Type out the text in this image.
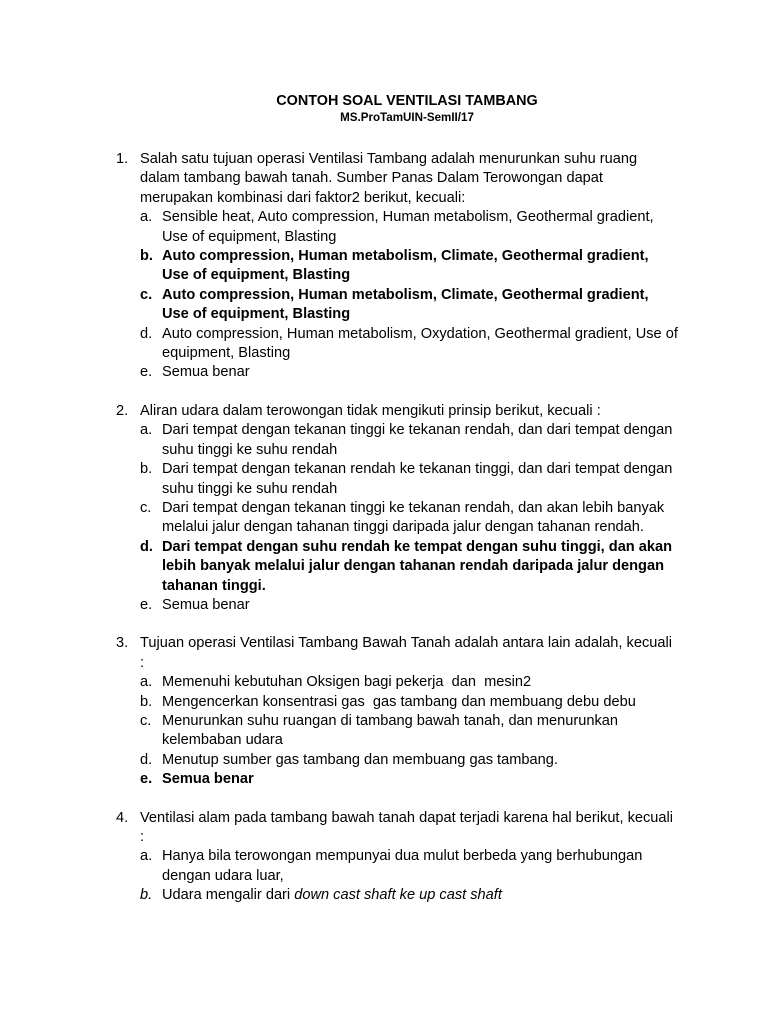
CONTOH SOAL VENTILASI TAMBANG
MS.ProTamUIN-SemII/17
1. Salah satu tujuan operasi Ventilasi Tambang adalah menurunkan suhu ruang dalam tambang bawah tanah. Sumber Panas Dalam Terowongan dapat merupakan kombinasi dari faktor2 berikut, kecuali:
a. Sensible heat, Auto compression, Human metabolism, Geothermal gradient, Use of equipment, Blasting
b. Auto compression, Human metabolism, Climate, Geothermal gradient, Use of equipment, Blasting
c. Auto compression, Human metabolism, Climate, Geothermal gradient, Use of equipment, Blasting
d. Auto compression, Human metabolism, Oxydation, Geothermal gradient, Use of equipment, Blasting
e. Semua benar
2. Aliran udara dalam terowongan tidak mengikuti prinsip berikut, kecuali :
a. Dari tempat dengan tekanan tinggi ke tekanan rendah, dan dari tempat dengan suhu tinggi ke suhu rendah
b. Dari tempat dengan tekanan rendah ke tekanan tinggi, dan dari tempat dengan suhu tinggi ke suhu rendah
c. Dari tempat dengan tekanan tinggi ke tekanan rendah, dan akan lebih banyak melalui jalur dengan tahanan tinggi daripada jalur dengan tahanan rendah.
d. Dari tempat dengan suhu rendah ke tempat dengan suhu tinggi, dan akan lebih banyak melalui jalur dengan tahanan rendah daripada jalur dengan tahanan tinggi.
e. Semua benar
3. Tujuan operasi Ventilasi Tambang Bawah Tanah adalah antara lain adalah, kecuali :
a. Memenuhi kebutuhan Oksigen bagi pekerja  dan  mesin2
b. Mengencerkan konsentrasi gas  gas tambang dan membuang debu debu
c. Menurunkan suhu ruangan di tambang bawah tanah, dan menurunkan kelembaban udara
d. Menutup sumber gas tambang dan membuang gas tambang.
e. Semua benar
4. Ventilasi alam pada tambang bawah tanah dapat terjadi karena hal berikut, kecuali :
a. Hanya bila terowongan mempunyai dua mulut berbeda yang berhubungan dengan udara luar,
b. Udara mengalir dari down cast shaft ke up cast shaft
